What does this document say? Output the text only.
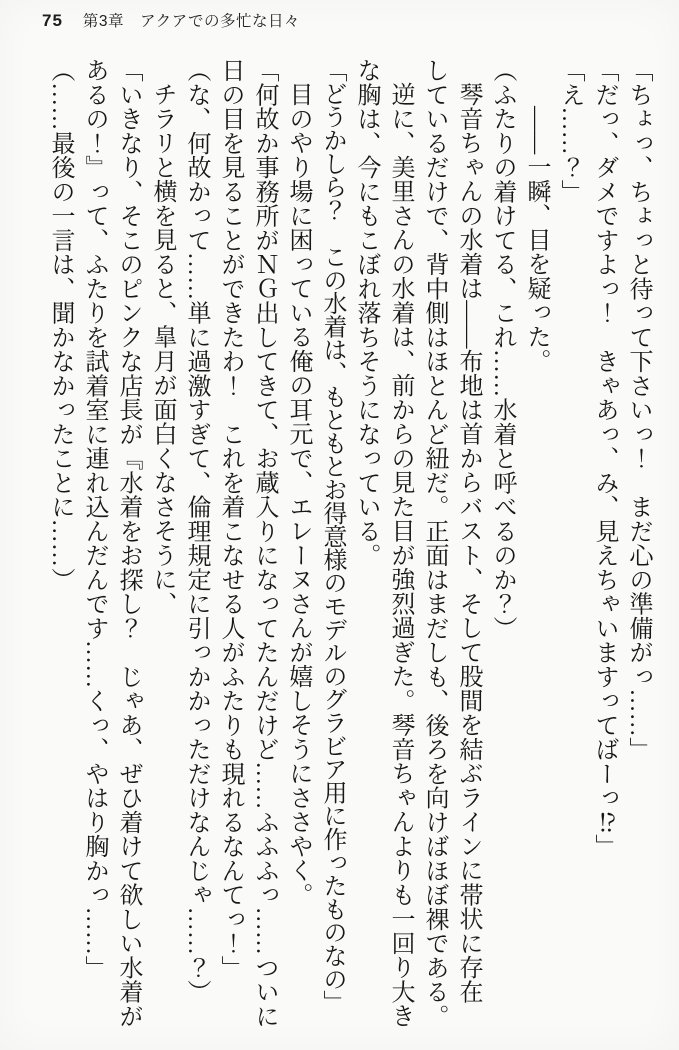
75 第3章　アクアでの多忙な日々

「ちょっ、ちょっと待って下さいっ！　まだ心の準備がっ……」

「だっ、ダメですよっ！　きゃあっ、み、見えちゃいますってばーっ⁉」

「え……？」

――一瞬、目を疑った。

（ふたりの着けてる、これ……水着と呼べるのか？）

琴音ちゃんの水着は――布地は首からバスト、そして股間を結ぶラインに帯状に存在

しているだけで、背中側はほとんど紐だ。正面はまだしも、後ろを向けばほぼ裸である。

逆に、美里さんの水着は、前からの見た目が強烈過ぎた。琴音ちゃんよりも一回り大き

な胸は、今にもこぼれ落ちそうになっている。

「どうかしら？　この水着は、もともとお得意様のモデルのグラビア用に作ったものなの」

目のやり場に困っている俺の耳元で、エレーヌさんが嬉しそうにささやく。

「何故か事務所がＮＧ出してきて、お蔵入りになってたんだけど……ふふふっ……ついに

日の目を見ることができたわ！　これを着こなせる人がふたりも現れるなんてっ！」

（な、何故かって……単に過激すぎて、倫理規定に引っかかっただけなんじゃ……？）

チラリと横を見ると、皐月が面白くなさそうに、

「いきなり、そこのピンクな店長が『水着をお探し？　じゃあ、ぜひ着けて欲しい水着が

あるの！』って、ふたりを試着室に連れ込んだんです……くっ、やはり胸かっ……」

（……最後の一言は、聞かなかったことに……）
